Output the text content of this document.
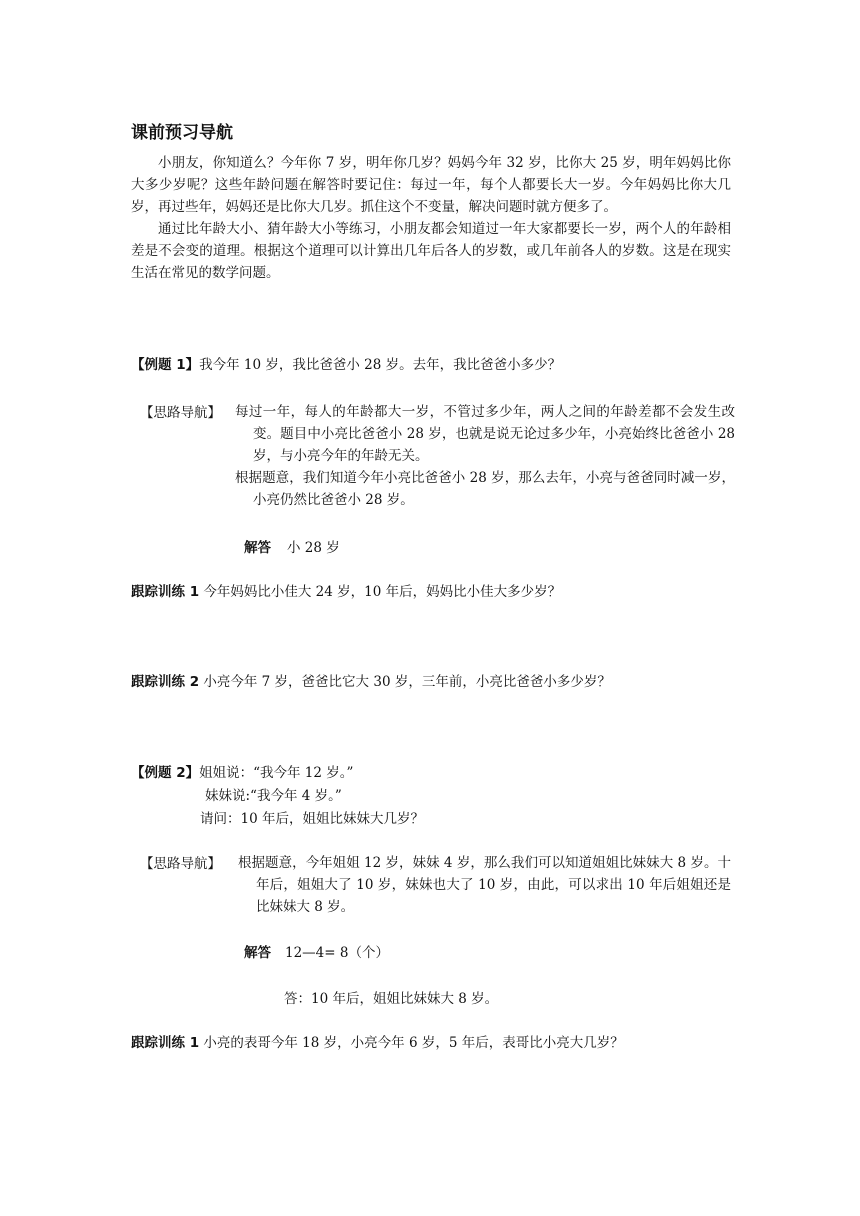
课前预习导航

小朋友，你知道么？今年你 7 岁，明年你几岁？妈妈今年 32 岁，比你大 25 岁，明年妈妈比你大多少岁呢？这些年龄问题在解答时要记住：每过一年，每个人都要长大一岁。今年妈妈比你大几岁，再过些年，妈妈还是比你大几岁。抓住这个不变量，解决问题时就方便多了。

通过比年龄大小、猜年龄大小等练习，小朋友都会知道过一年大家都要长一岁，两个人的年龄相差是不会变的道理。根据这个道理可以计算出几年后各人的岁数，或几年前各人的岁数。这是在现实生活在常见的数学问题。

【例题 1】我今年 10 岁，我比爸爸小 28 岁。去年，我比爸爸小多少？
【思路导航】 每过一年，每人的年龄都大一岁，不管过多少年，两人之间的年龄差都不会发生改变。题目中小亮比爸爸小 28 岁，也就是说无论过多少年，小亮始终比爸爸小 28 岁，与小亮今年的年龄无关。

根据题意，我们知道今年小亮比爸爸小 28 岁，那么去年，小亮与爸爸同时减一岁，小亮仍然比爸爸小 28 岁。

解答 小 28 岁
跟踪训练 1 今年妈妈比小佳大 24 岁，10 年后，妈妈比小佳大多少岁？
跟踪训练 2 小亮今年 7 岁，爸爸比它大 30 岁，三年前，小亮比爸爸小多少岁？
【例题 2】姐姐说：“我今年 12 岁。”
妹妹说:“我今年 4 岁。”
请问：10 年后，姐姐比妹妹大几岁？
【思路导航】 根据题意，今年姐姐 12 岁，妹妹 4 岁，那么我们可以知道姐姐比妹妹大 8 岁。十年后，姐姐大了 10 岁，妹妹也大了 10 岁，由此，可以求出 10 年后姐姐还是比妹妹大 8 岁。

解答 12—4= 8（个）
答：10 年后，姐姐比妹妹大 8 岁。
跟踪训练 1 小亮的表哥今年 18 岁，小亮今年 6 岁，5 年后，表哥比小亮大几岁？
